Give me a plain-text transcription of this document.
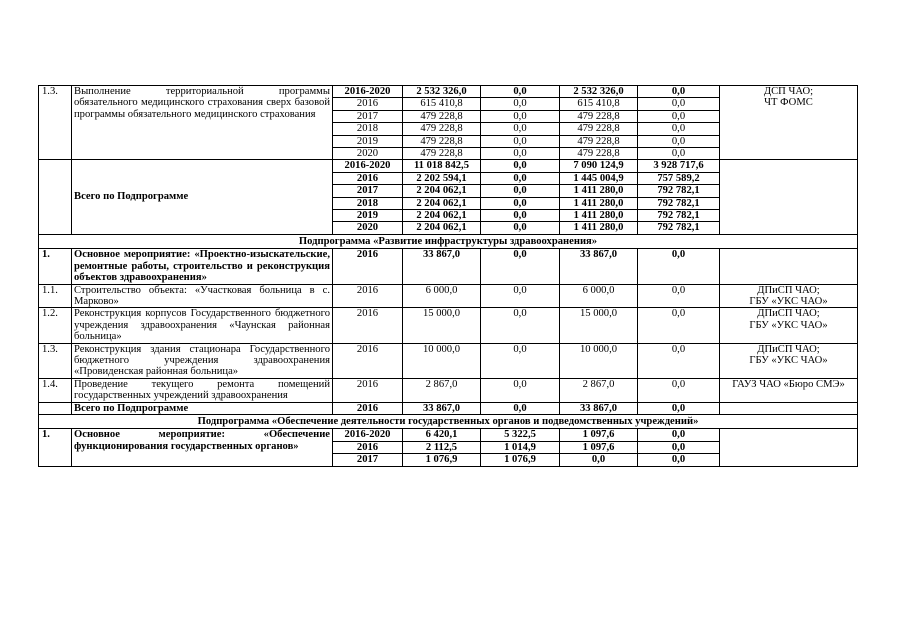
1.3.	Выполнение территориальной программы обязательного медицинского страхования сверх базовой программы обязательного медицинского страхования	2016-2020	2 532 326,0	0,0	2 532 326,0	0,0	ДСП ЧАО;
ЧТ ФОМС
		2016	615 410,8	0,0	615 410,8	0,0	
		2017	479 228,8	0,0	479 228,8	0,0	
		2018	479 228,8	0,0	479 228,8	0,0	
		2019	479 228,8	0,0	479 228,8	0,0	
		2020	479 228,8	0,0	479 228,8	0,0	
	Всего по Подпрограмме	2016-2020	11 018 842,5	0,0	7 090 124,9	3 928 717,6	
		2016	2 202 594,1	0,0	1 445 004,9	757 589,2	
		2017	2 204 062,1	0,0	1 411 280,0	792 782,1	
		2018	2 204 062,1	0,0	1 411 280,0	792 782,1	
		2019	2 204 062,1	0,0	1 411 280,0	792 782,1	
		2020	2 204 062,1	0,0	1 411 280,0	792 782,1	
Подпрограмма «Развитие инфраструктуры здравоохранения»							
1.	Основное мероприятие: «Проектно-изыскательские, ремонтные работы, строительство и реконструкция объектов здравоохранения»	2016	33 867,0	0,0	33 867,0	0,0	
1.1.	Строительство объекта: «Участковая больница в с. Марково»	2016	6 000,0	0,0	6 000,0	0,0	ДПиСП ЧАО;
ГБУ «УКС ЧАО»
1.2.	Реконструкция корпусов Государственного бюджетного учреждения здравоохранения «Чаунская районная больница»	2016	15 000,0	0,0	15 000,0	0,0	ДПиСП ЧАО;
ГБУ «УКС ЧАО»
1.3.	Реконструкция здания стационара Государственного бюджетного учреждения здравоохранения «Провиденская районная больница»	2016	10 000,0	0,0	10 000,0	0,0	ДПиСП ЧАО;
ГБУ «УКС ЧАО»
1.4.	Проведение текущего ремонта помещений государственных учреждений здравоохранения	2016	2 867,0	0,0	2 867,0	0,0	ГАУЗ ЧАО «Бюро СМЭ»
	Всего по Подпрограмме	2016	33 867,0	0,0	33 867,0	0,0	
Подпрограмма «Обеспечение деятельности государственных органов и подведомственных учреждений»							
1.	Основное мероприятие: «Обеспечение функционирования государственных органов»	2016-2020	6 420,1	5 322,5	1 097,6	0,0	
		2016	2 112,5	1 014,9	1 097,6	0,0	
		2017	1 076,9	1 076,9	0,0	0,0	
